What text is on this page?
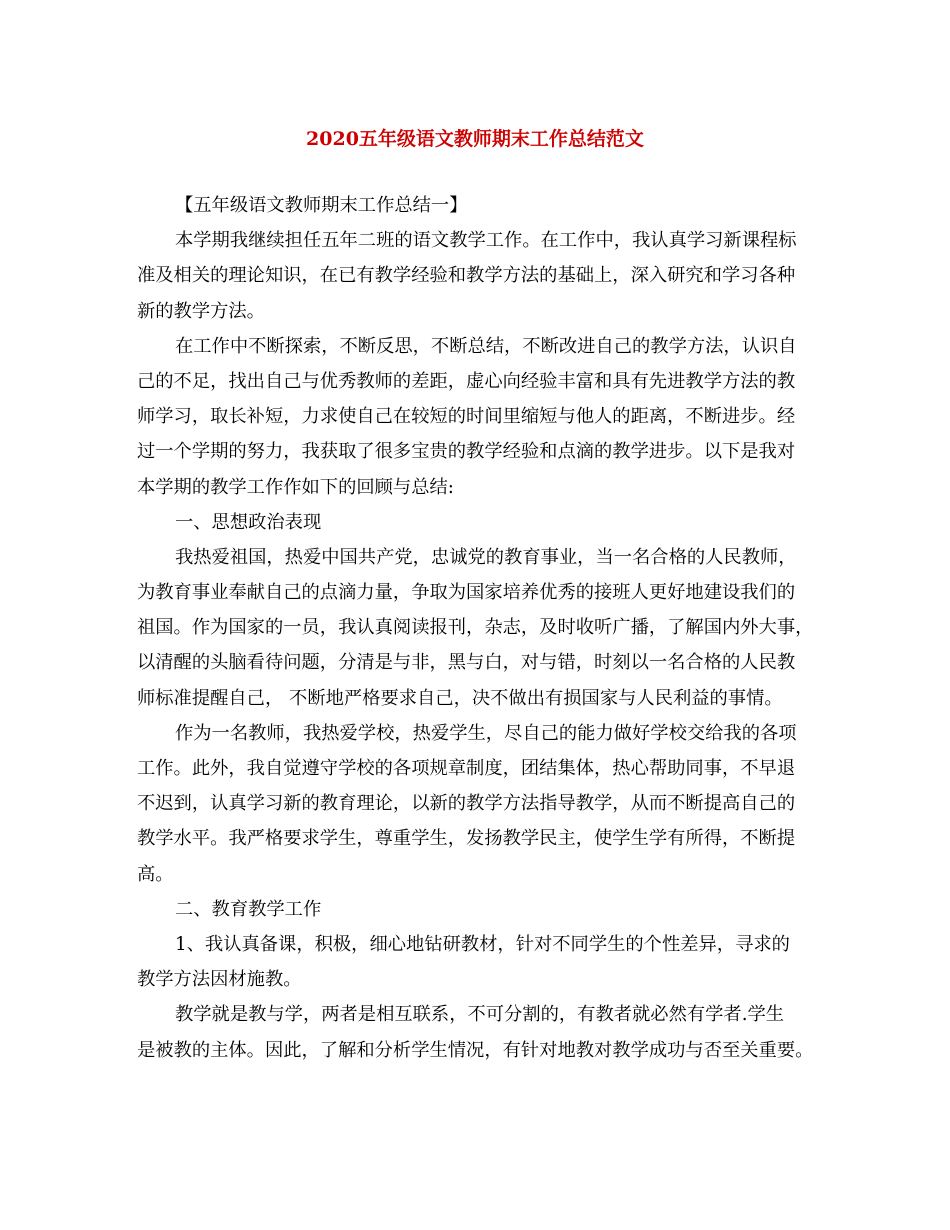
2020五年级语文教师期末工作总结范文
【五年级语文教师期末工作总结一】
本学期我继续担任五年二班的语文教学工作。在工作中，我认真学习新课程标
准及相关的理论知识，在已有教学经验和教学方法的基础上，深入研究和学习各种
新的教学方法。
在工作中不断探索，不断反思，不断总结，不断改进自己的教学方法，认识自
己的不足，找出自己与优秀教师的差距，虚心向经验丰富和具有先进教学方法的教
师学习，取长补短，力求使自己在较短的时间里缩短与他人的距离，不断进步。经
过一个学期的努力，我获取了很多宝贵的教学经验和点滴的教学进步。以下是我对
本学期的教学工作作如下的回顾与总结:
一、思想政治表现
我热爱祖国，热爱中国共产党，忠诚党的教育事业，当一名合格的人民教师，
为教育事业奉献自己的点滴力量，争取为国家培养优秀的接班人更好地建设我们的
祖国。作为国家的一员，我认真阅读报刊，杂志，及时收听广播，了解国内外大事，
以清醒的头脑看待问题，分清是与非，黑与白，对与错，时刻以一名合格的人民教
师标准提醒自己， 不断地严格要求自己，决不做出有损国家与人民利益的事情。
作为一名教师，我热爱学校，热爱学生，尽自己的能力做好学校交给我的各项
工作。此外，我自觉遵守学校的各项规章制度，团结集体，热心帮助同事，不早退
不迟到，认真学习新的教育理论，以新的教学方法指导教学，从而不断提高自己的
教学水平。我严格要求学生，尊重学生，发扬教学民主，使学生学有所得，不断提
高。
二、教育教学工作
1、我认真备课，积极，细心地钻研教材，针对不同学生的个性差异，寻求的
教学方法因材施教。
教学就是教与学，两者是相互联系，不可分割的，有教者就必然有学者.学生
是被教的主体。因此，了解和分析学生情况，有针对地教对教学成功与否至关重要。
